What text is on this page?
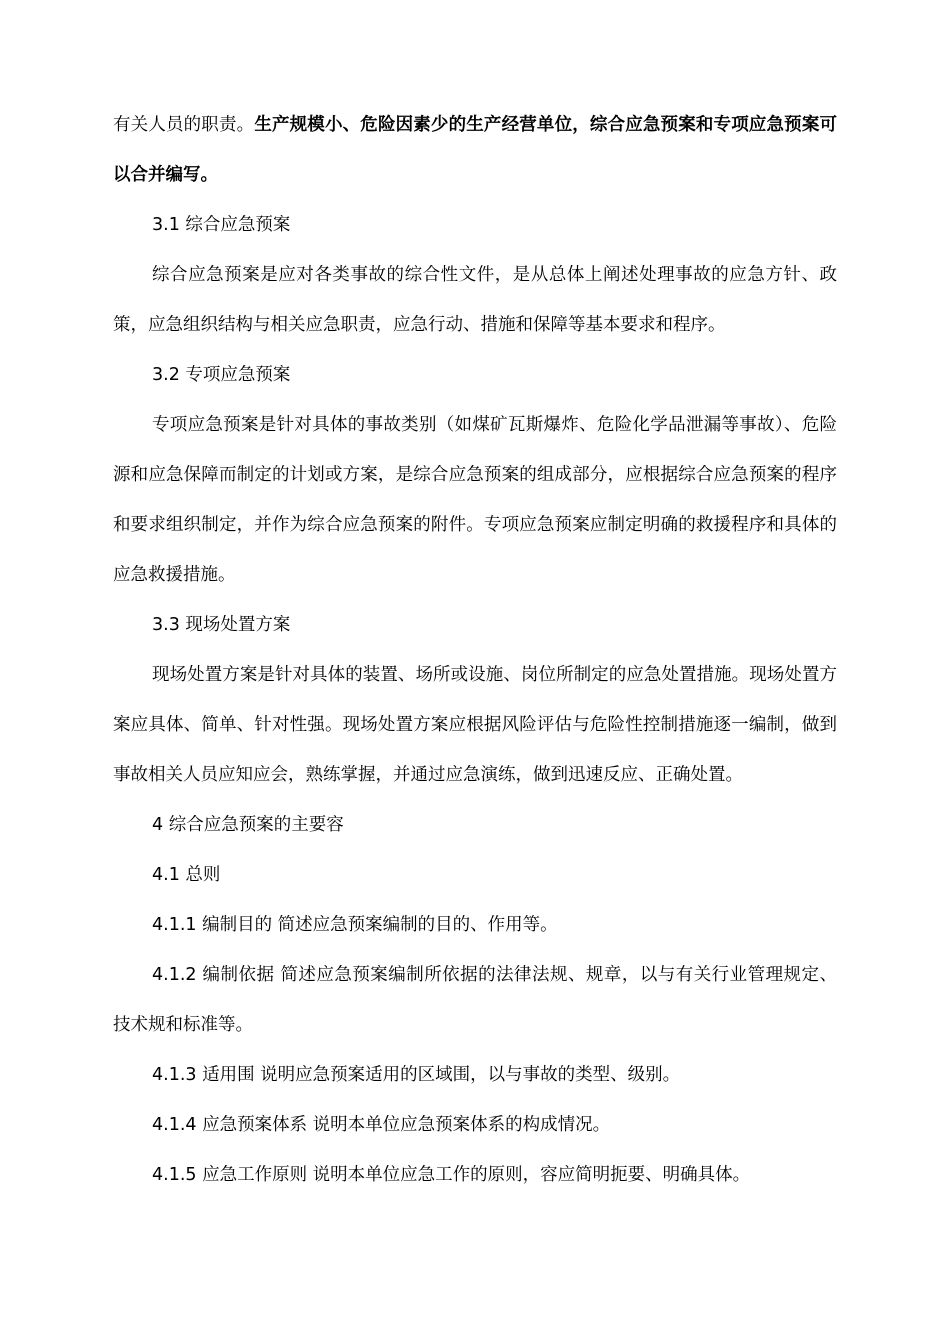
有关人员的职责。生产规模小、危险因素少的生产经营单位，综合应急预案和专项应急预案可以合并编写。

3.1 综合应急预案

综合应急预案是应对各类事故的综合性文件，是从总体上阐述处理事故的应急方针、政策，应急组织结构与相关应急职责，应急行动、措施和保障等基本要求和程序。

3.2 专项应急预案

专项应急预案是针对具体的事故类别（如煤矿瓦斯爆炸、危险化学品泄漏等事故）、危险源和应急保障而制定的计划或方案，是综合应急预案的组成部分，应根据综合应急预案的程序和要求组织制定，并作为综合应急预案的附件。专项应急预案应制定明确的救援程序和具体的应急救援措施。

3.3 现场处置方案

现场处置方案是针对具体的装置、场所或设施、岗位所制定的应急处置措施。现场处置方案应具体、简单、针对性强。现场处置方案应根据风险评估与危险性控制措施逐一编制，做到事故相关人员应知应会，熟练掌握，并通过应急演练，做到迅速反应、正确处置。

4 综合应急预案的主要容

4.1 总则

4.1.1 编制目的 简述应急预案编制的目的、作用等。

4.1.2 编制依据 简述应急预案编制所依据的法律法规、规章，以与有关行业管理规定、技术规和标准等。

4.1.3 适用围 说明应急预案适用的区域围，以与事故的类型、级别。

4.1.4 应急预案体系 说明本单位应急预案体系的构成情况。

4.1.5 应急工作原则 说明本单位应急工作的原则，容应简明扼要、明确具体。
